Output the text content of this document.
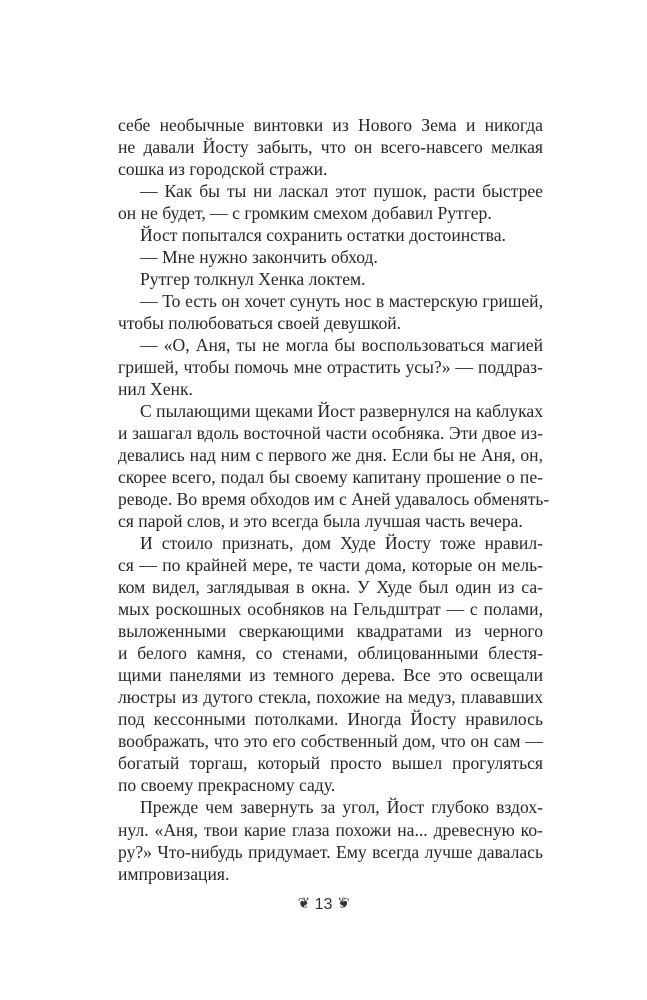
себе необычные винтовки из Нового Зема и никогда
не давали Йосту забыть, что он всего-навсего мелкая
сошка из городской стражи.
— Как бы ты ни ласкал этот пушок, расти быстрее
он не будет, — с громким смехом добавил Рутгер.
Йост попытался сохранить остатки достоинства.
— Мне нужно закончить обход.
Рутгер толкнул Хенка локтем.
— То есть он хочет сунуть нос в мастерскую гришей,
чтобы полюбоваться своей девушкой.
— «О, Аня, ты не могла бы воспользоваться магией
гришей, чтобы помочь мне отрастить усы?» — поддраз-
нил Хенк.
С пылающими щеками Йост развернулся на каблуках
и зашагал вдоль восточной части особняка. Эти двое из-
девались над ним с первого же дня. Если бы не Аня, он,
скорее всего, подал бы своему капитану прошение о пе-
реводе. Во время обходов им с Аней удавалось обменять-
ся парой слов, и это всегда была лучшая часть вечера.
И стоило признать, дом Худе Йосту тоже нравил-
ся — по крайней мере, те части дома, которые он мель-
ком видел, заглядывая в окна. У Худе был один из са-
мых роскошных особняков на Гельдштрат — с полами,
выложенными сверкающими квадратами из черного
и белого камня, со стенами, облицованными блестя-
щими панелями из темного дерева. Все это освещали
люстры из дутого стекла, похожие на медуз, плававших
под кессонными потолками. Иногда Йосту нравилось
воображать, что это его собственный дом, что он сам —
богатый торгаш, который просто вышел прогуляться
по своему прекрасному саду.
Прежде чем завернуть за угол, Йост глубоко вздох-
нул. «Аня, твои карие глаза похожи на... древесную ко-
ру?» Что-нибудь придумает. Ему всегда лучше давалась
импровизация.
❦ 13 ❦
